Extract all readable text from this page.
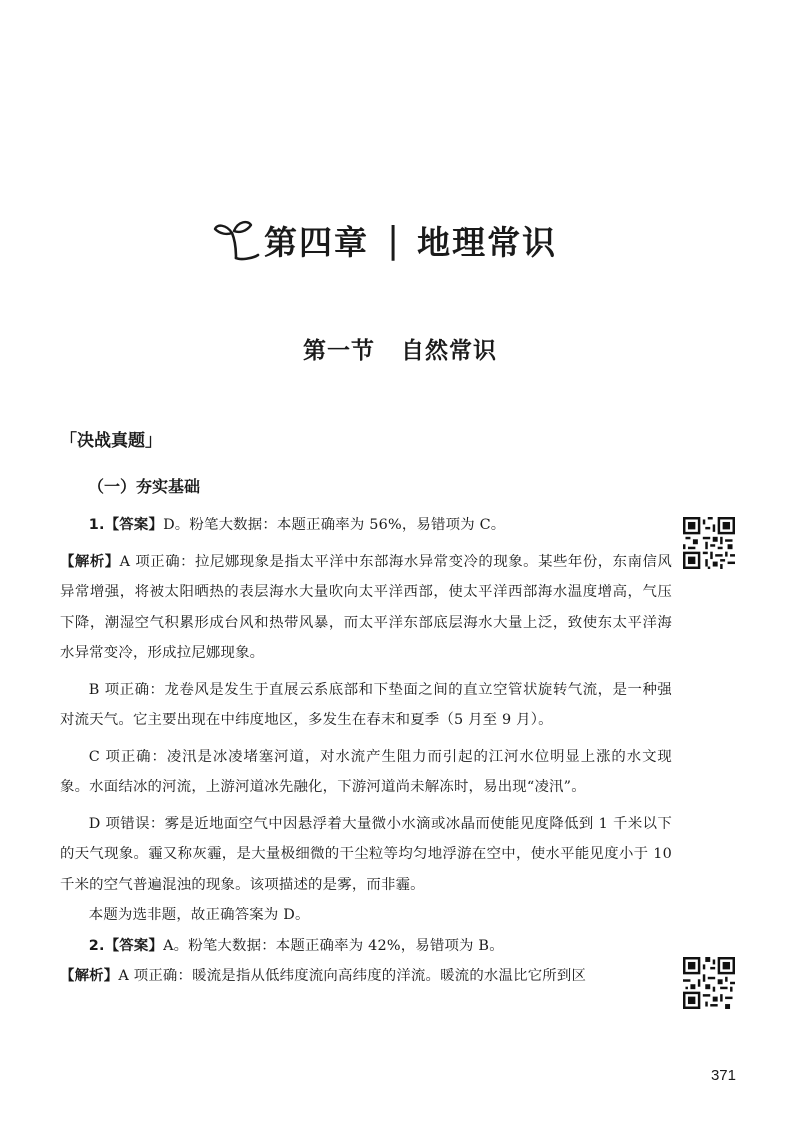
第四章 | 地理常识
第一节 自然常识
「决战真题」
（一）夯实基础

1.【答案】D。粉笔大数据：本题正确率为 56%，易错项为 C。

【解析】A 项正确：拉尼娜现象是指太平洋中东部海水异常变冷的现象。某些年份，东南信风异常增强，将被太阳晒热的表层海水大量吹向太平洋西部，使太平洋西部海水温度增高，气压下降，潮湿空气积累形成台风和热带风暴，而太平洋东部底层海水大量上泛，致使东太平洋海水异常变冷，形成拉尼娜现象。

B 项正确：龙卷风是发生于直展云系底部和下垫面之间的直立空管状旋转气流，是一种强对流天气。它主要出现在中纬度地区，多发生在春末和夏季（5 月至 9 月）。

C 项正确：凌汛是冰凌堵塞河道，对水流产生阻力而引起的江河水位明显上涨的水文现象。水面结冰的河流，上游河道冰先融化，下游河道尚未解冻时，易出现“凌汛”。

D 项错误：雾是近地面空气中因悬浮着大量微小水滴或冰晶而使能见度降低到 1 千米以下的天气现象。霾又称灰霾，是大量极细微的干尘粒等均匀地浮游在空中，使水平能见度小于 10 千米的空气普遍混浊的现象。该项描述的是雾，而非霾。

本题为选非题，故正确答案为 D。

2.【答案】A。粉笔大数据：本题正确率为 42%，易错项为 B。

【解析】A 项正确：暖流是指从低纬度流向高纬度的洋流。暖流的水温比它所到区

371
